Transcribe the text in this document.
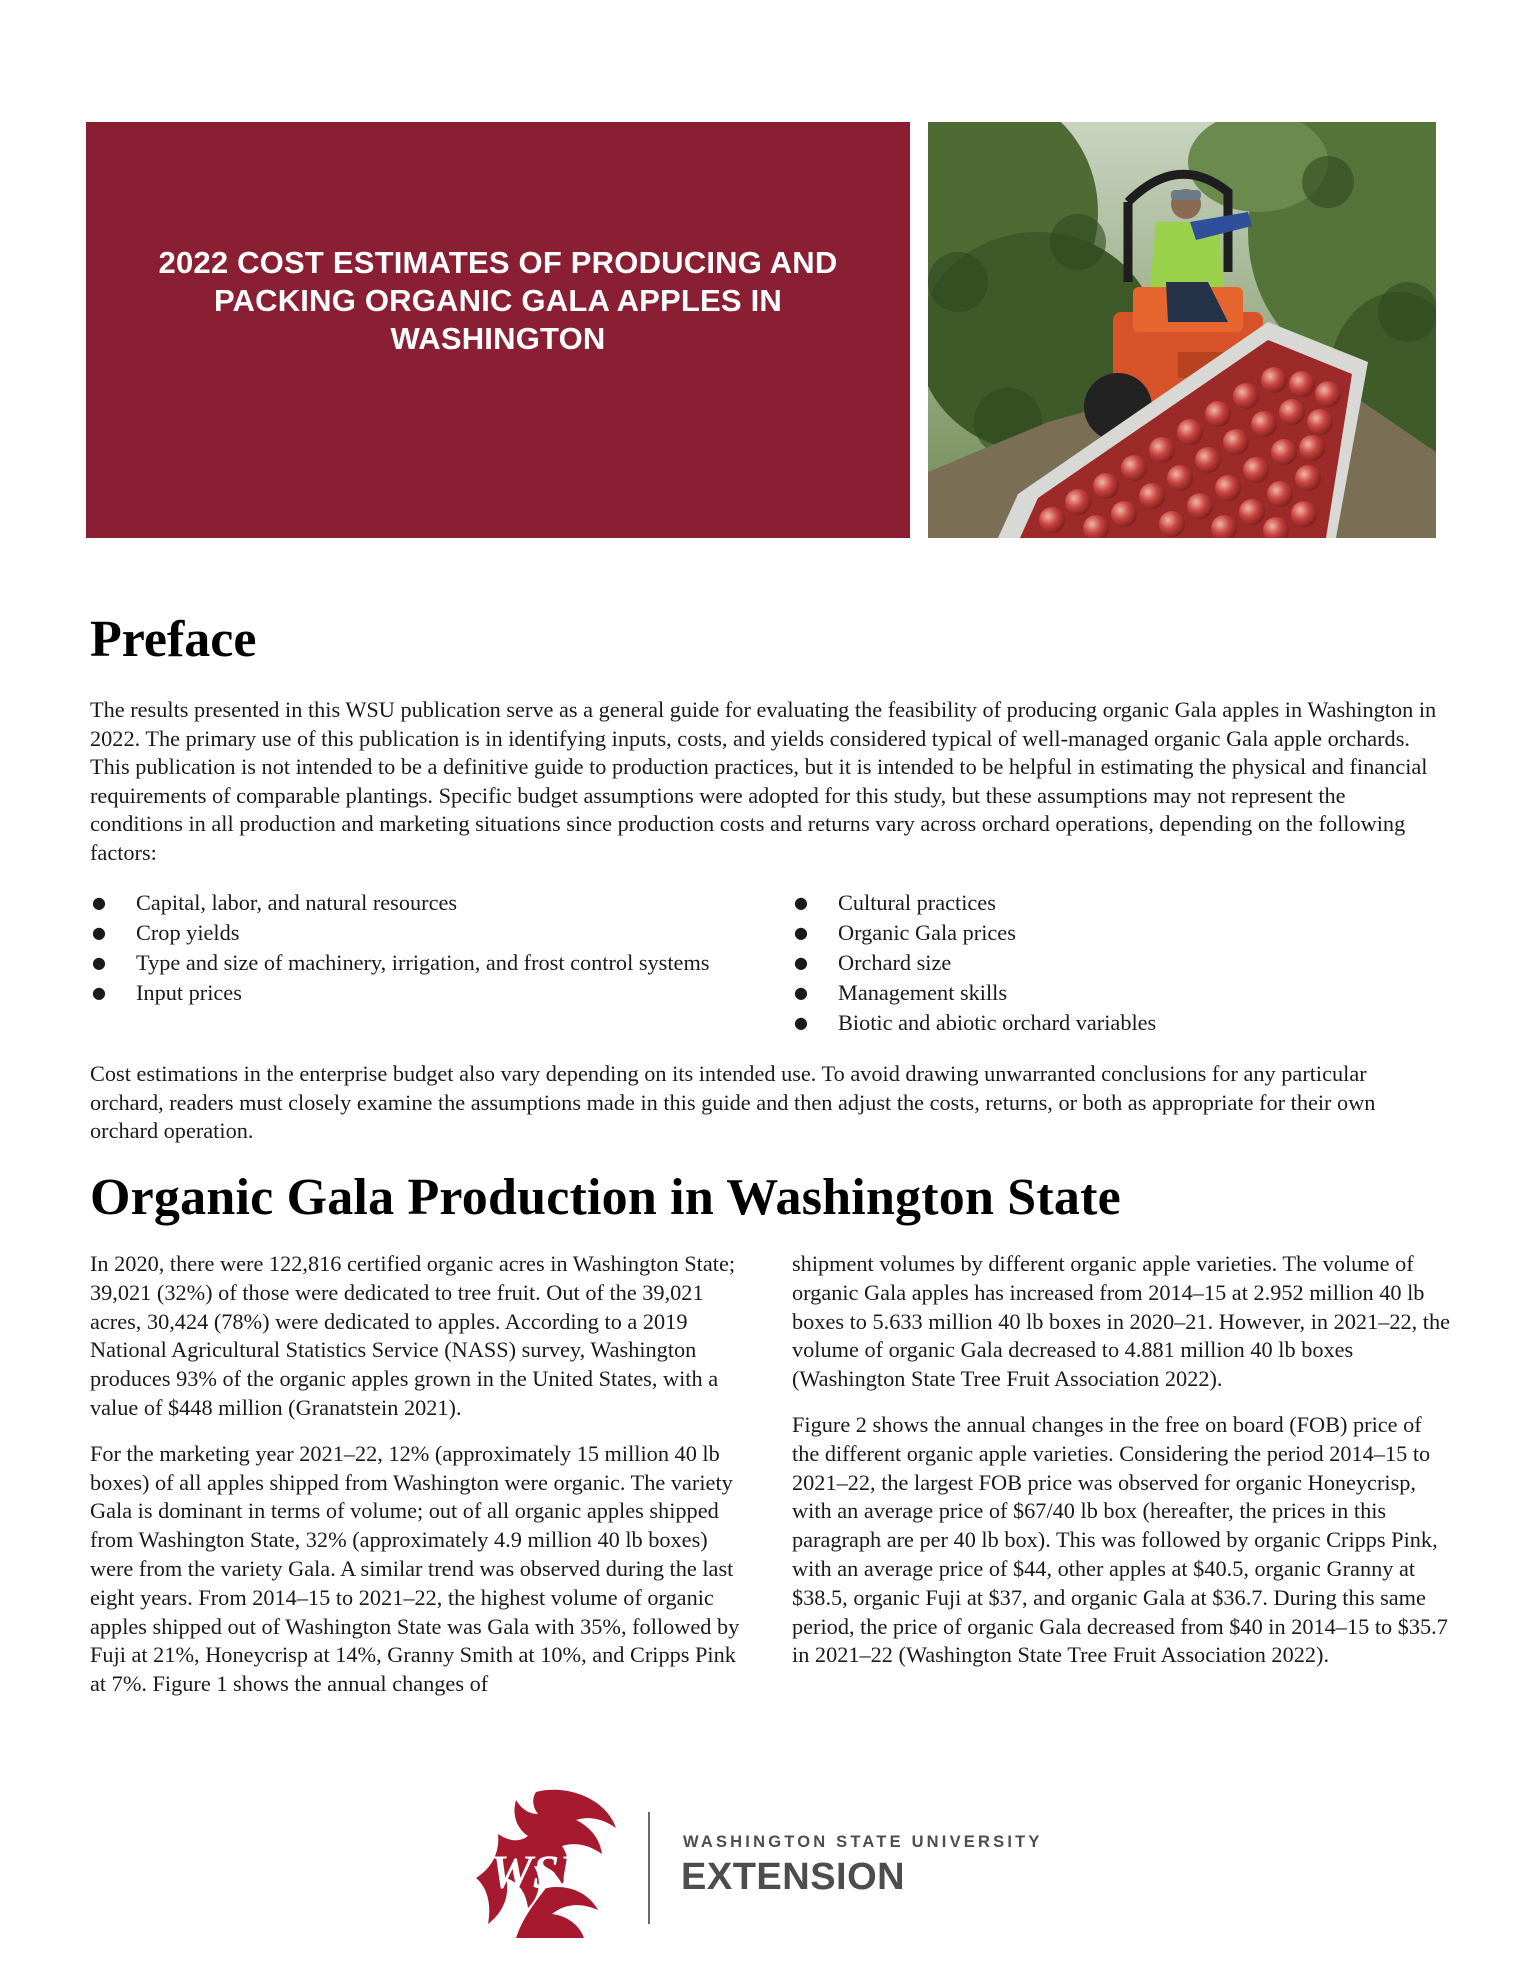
2022 COST ESTIMATES OF PRODUCING AND PACKING ORGANIC GALA APPLES IN WASHINGTON
Preface

The results presented in this WSU publication serve as a general guide for evaluating the feasibility of producing organic Gala apples in Washington in 2022. The primary use of this publication is in identifying inputs, costs, and yields considered typical of well-managed organic Gala apple orchards. This publication is not intended to be a definitive guide to production practices, but it is intended to be helpful in estimating the physical and financial requirements of comparable plantings. Specific budget assumptions were adopted for this study, but these assumptions may not represent the conditions in all production and marketing situations since production costs and returns vary across orchard operations, depending on the following factors:

● Capital, labor, and natural resources
● Crop yields
● Type and size of machinery, irrigation, and frost control systems
● Input prices
● Cultural practices
● Organic Gala prices
● Orchard size
● Management skills
● Biotic and abiotic orchard variables

Cost estimations in the enterprise budget also vary depending on its intended use. To avoid drawing unwarranted conclusions for any particular orchard, readers must closely examine the assumptions made in this guide and then adjust the costs, returns, or both as appropriate for their own orchard operation.

Organic Gala Production in Washington State

In 2020, there were 122,816 certified organic acres in Washington State; 39,021 (32%) of those were dedicated to tree fruit. Out of the 39,021 acres, 30,424 (78%) were dedicated to apples. According to a 2019 National Agricultural Statistics Service (NASS) survey, Washington produces 93% of the organic apples grown in the United States, with a value of $448 million (Granatstein 2021).

For the marketing year 2021–22, 12% (approximately 15 million 40 lb boxes) of all apples shipped from Washington were organic. The variety Gala is dominant in terms of volume; out of all organic apples shipped from Washington State, 32% (approximately 4.9 million 40 lb boxes) were from the variety Gala. A similar trend was observed during the last eight years. From 2014–15 to 2021–22, the highest volume of organic apples shipped out of Washington State was Gala with 35%, followed by Fuji at 21%, Honeycrisp at 14%, Granny Smith at 10%, and Cripps Pink at 7%. Figure 1 shows the annual changes of

shipment volumes by different organic apple varieties. The volume of organic Gala apples has increased from 2014–15 at 2.952 million 40 lb boxes to 5.633 million 40 lb boxes in 2020–21. However, in 2021–22, the volume of organic Gala decreased to 4.881 million 40 lb boxes (Washington State Tree Fruit Association 2022).

Figure 2 shows the annual changes in the free on board (FOB) price of the different organic apple varieties. Considering the period 2014–15 to 2021–22, the largest FOB price was observed for organic Honeycrisp, with an average price of $67/40 lb box (hereafter, the prices in this paragraph are per 40 lb box). This was followed by organic Cripps Pink, with an average price of $44, other apples at $40.5, organic Granny at $38.5, organic Fuji at $37, and organic Gala at $36.7. During this same period, the price of organic Gala decreased from $40 in 2014–15 to $35.7 in 2021–22 (Washington State Tree Fruit Association 2022).

WSU
WASHINGTON STATE UNIVERSITY
EXTENSION
